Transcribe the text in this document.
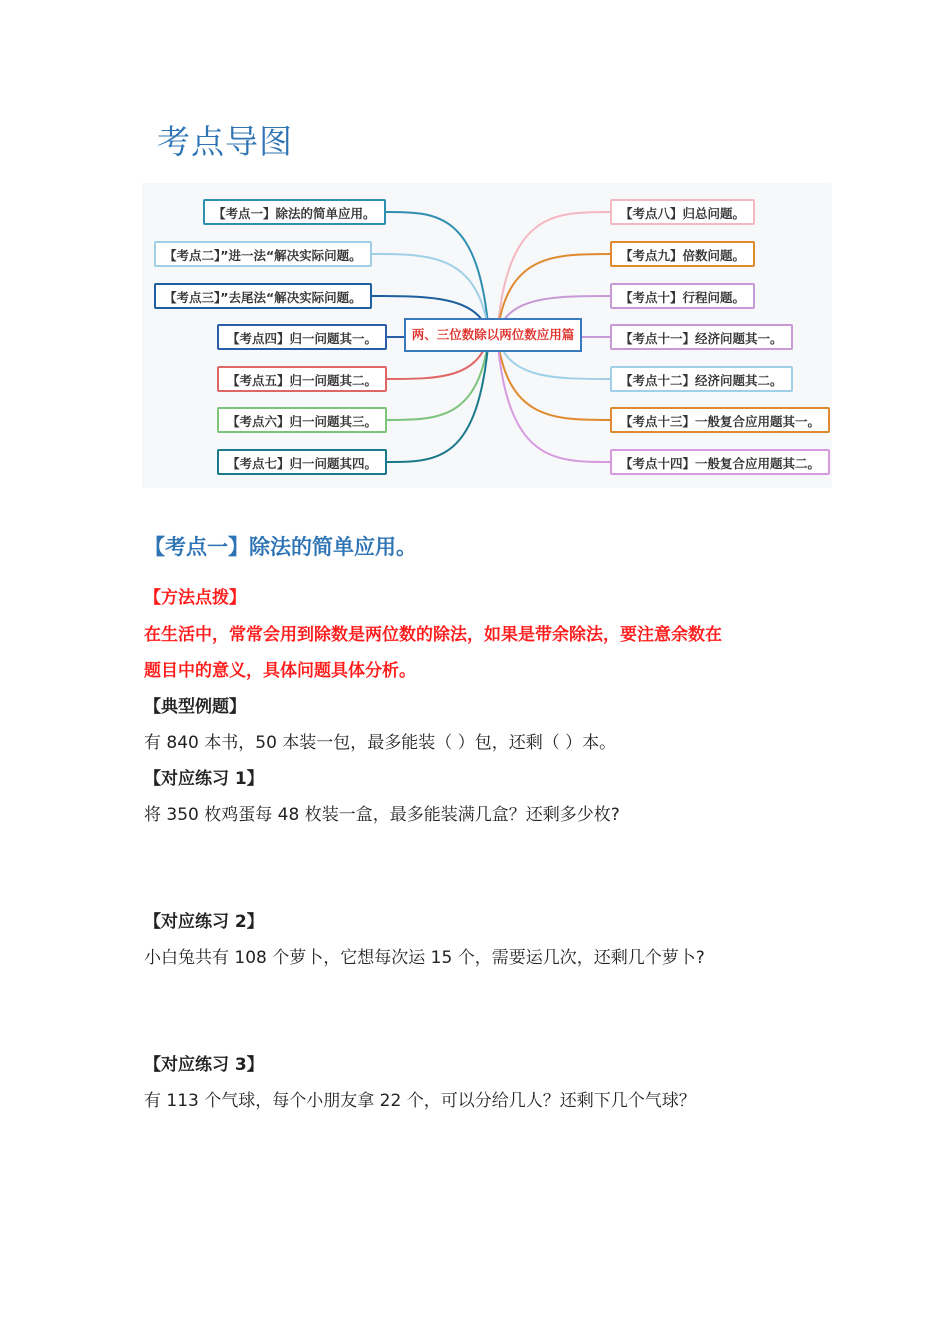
考点导图
两、三位数除以两位数应用篇
【考点一】除法的简单应用。
【考点二】”进一法“解决实际问题。
【考点三】”去尾法“解决实际问题。
【考点四】归一问题其一。
【考点五】归一问题其二。
【考点六】归一问题其三。
【考点七】归一问题其四。
【考点八】归总问题。
【考点九】倍数问题。
【考点十】行程问题。
【考点十一】经济问题其一。
【考点十二】经济问题其二。
【考点十三】一般复合应用题其一。
【考点十四】一般复合应用题其二。
【考点一】除法的简单应用。
【方法点拨】
在生活中，常常会用到除数是两位数的除法，如果是带余除法，要注意余数在
题目中的意义，具体问题具体分析。
【典型例题】
有 840 本书，50 本装一包，最多能装（ ）包，还剩（ ）本。
【对应练习 1】
将 350 枚鸡蛋每 48 枚装一盒，最多能装满几盒？还剩多少枚?
【对应练习 2】
小白兔共有 108 个萝卜，它想每次运 15 个，需要运几次，还剩几个萝卜?
【对应练习 3】
有 113 个气球，每个小朋友拿 22 个，可以分给几人？还剩下几个气球？
